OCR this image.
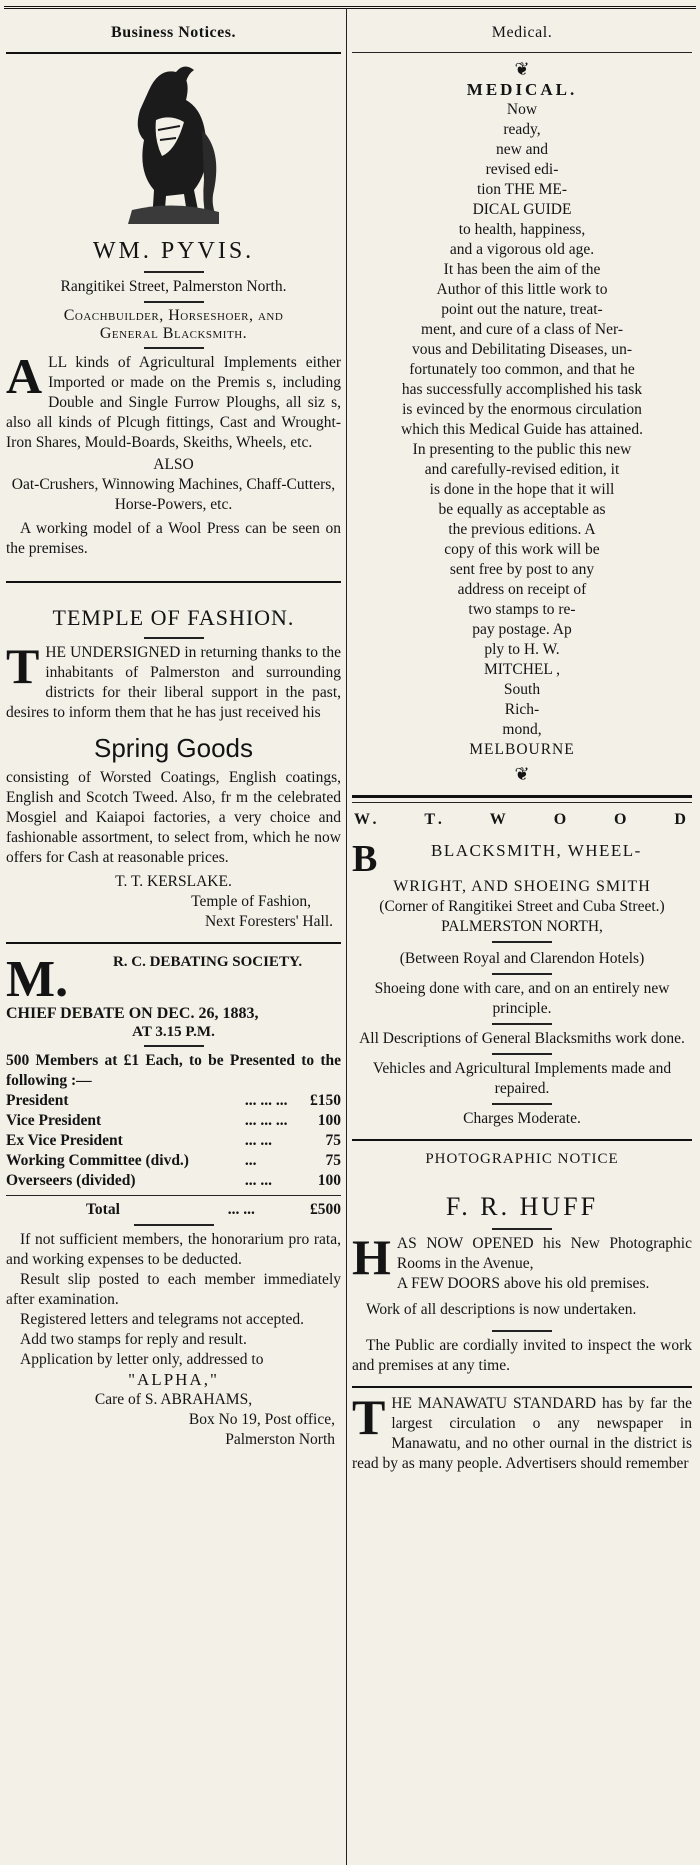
Business Notices.
WM. PYVIS.

Rangitikei Street, Palmerston North.

Coachbuilder, Horseshoer, and

General Blacksmith.

A LL kinds of Agricultural Implements either Imported or made on the Premis s, including Double and Single Furrow Ploughs, all siz s, also all kinds of Plcugh fittings, Cast and Wrought-Iron Shares, Mould-Boards, Skeiths, Wheels, etc.

ALSO

Oat-Crushers, Winnowing Machines, Chaff-Cutters, Horse-Powers, etc.

A working model of a Wool Press can be seen on the premises.

TEMPLE OF FASHION.
T HE UNDERSIGNED in returning thanks to the inhabitants of Palmerston and surrounding districts for their liberal support in the past, desires to inform them that he has just received his
Spring Goods

consisting of Worsted Coatings, English coatings, English and Scotch Tweed. Also, fr m the celebrated Mosgiel and Kaiapoi factories, a very choice and fashionable assortment, to select from, which he now offers for Cash at reasonable prices.

T. T. KERSLAKE.

Temple of Fashion,

Next Foresters' Hall.

M.	R. C. DEBATING SOCIETY.

CHIEF DEBATE ON DEC. 26, 1883,

AT 3.15 P.M.

500 Members at £1 Each, to be Presented to the following :—

President	... ... ...	£150
Vice President	... ... ...	100
Ex Vice President	... ...	75
Working Committee (divd.)	...	75
Overseers (divided)	... ...	100
Total	... ...	£500

If not sufficient members, the honorarium pro rata, and working expenses to be deducted.

Result slip posted to each member immediately after examination.

Registered letters and telegrams not accepted.

Add two stamps for reply and result.

Application by letter only, addressed to

"ALPHA,"

Care of S. ABRAHAMS,

Box No 19, Post office,

Palmerston North

Medical.
❦
MEDICAL.
Now
ready,
new and
revised edi-
tion THE ME-
DICAL GUIDE
to health, happiness,
and a vigorous old age.
It has been the aim of the
Author of this little work to
point out the nature, treat-
ment, and cure of a class of Ner-
vous and Debilitating Diseases, un-
fortunately too common, and that he
has successfully accomplished his task
is evinced by the enormous circulation
which this Medical Guide has attained.
In presenting to the public this new
and carefully-revised edition, it
is done in the hope that it will
be equally as acceptable as
the previous editions. A
copy of this work will be
sent free by post to any
address on receipt of
two stamps to re-
pay postage. Ap
ply to H. W.
MITCHEL ,
South
Rich-
mond,
MELBOURNE
❦
W.	T.	W	O	O	D
B	BLACKSMITH, WHEEL-

WRIGHT, AND SHOEING SMITH

(Corner of Rangitikei Street and Cuba Street.)

PALMERSTON NORTH,

(Between Royal and Clarendon Hotels)

Shoeing done with care, and on an entirely new principle.

All Descriptions of General Blacksmiths work done.

Vehicles and Agricultural Implements made and repaired.

Charges Moderate.

PHOTOGRAPHIC NOTICE
F. R. HUFF
H AS NOW OPENED his New Photographic Rooms in the Avenue,

A FEW DOORS above his old premises.

Work of all descriptions is now undertaken.

The Public are cordially invited to inspect the work and premises at any time.

T HE MANAWATU STANDARD has by far the largest circulation o any newspaper in Manawatu, and no other ournal in the district is read by as many people. Advertisers should remember
